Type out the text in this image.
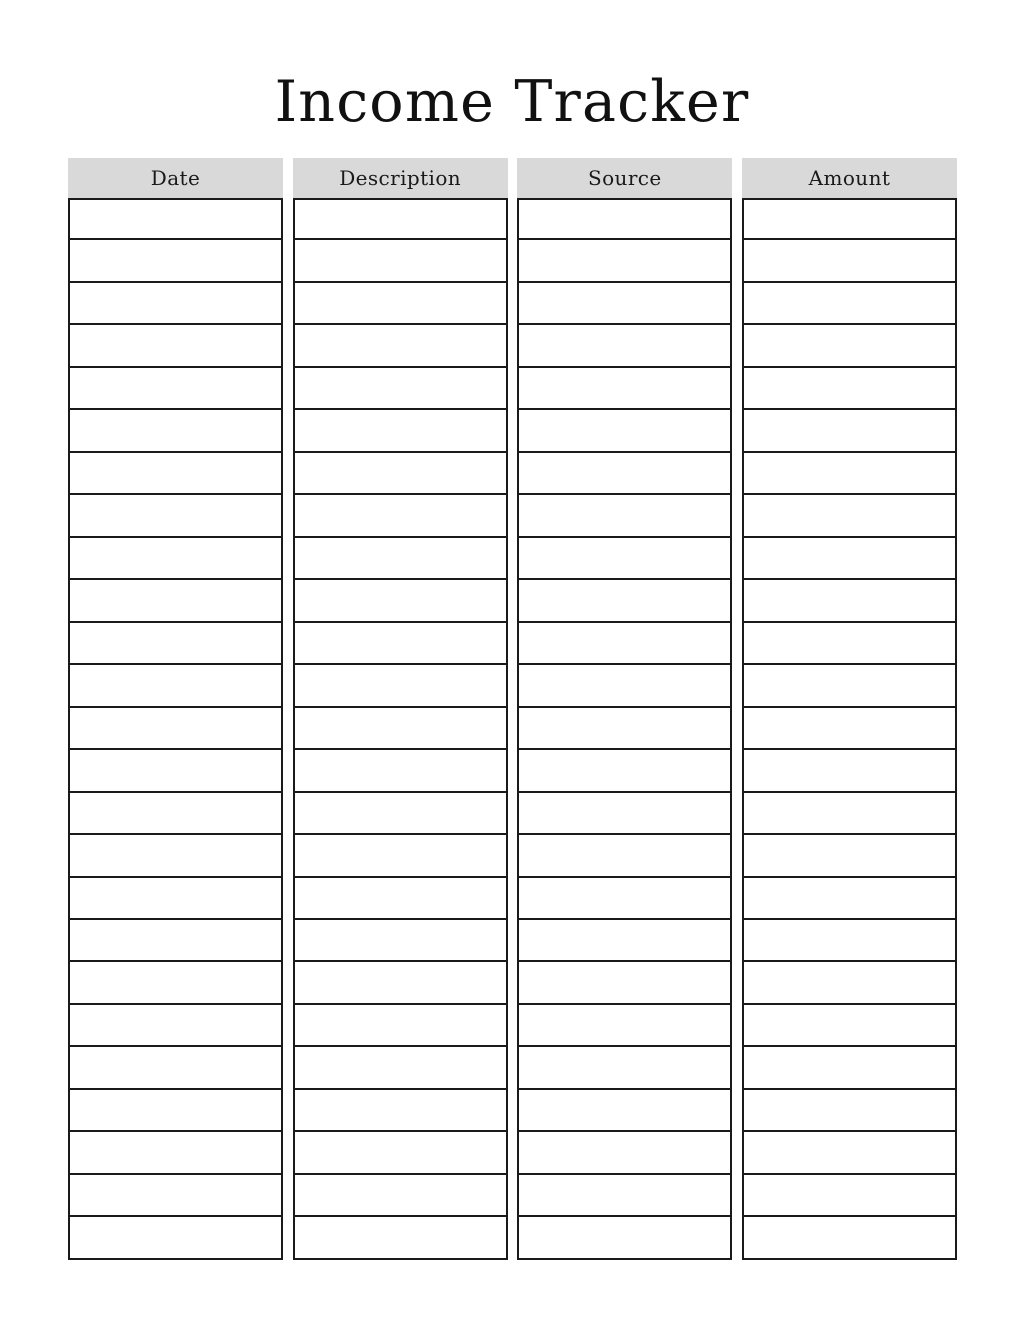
Income Tracker
Date	Description	Source	Amount
